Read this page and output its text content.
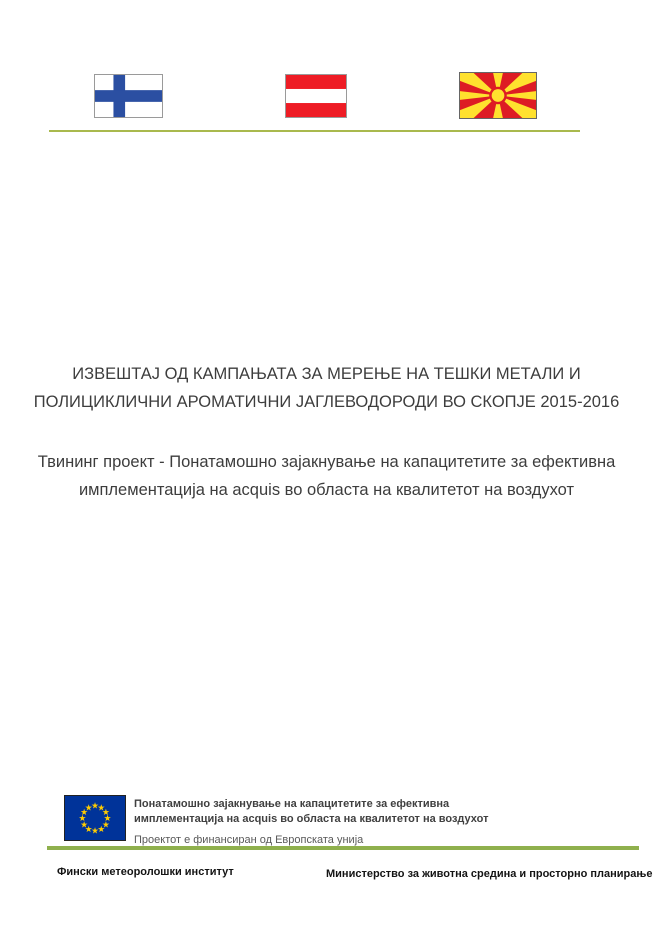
ИЗВЕШТАЈ ОД КАМПАЊАТА ЗА МЕРЕЊЕ НА ТЕШКИ МЕТАЛИ И
ПОЛИЦИКЛИЧНИ АРОМАТИЧНИ ЈАГЛЕВОДОРОДИ ВО СКОПЈЕ 2015-2016
Твининг проект - Понатамошно зајакнување на капацитетите за ефективна
имплементација на acquis во областа на квалитетот на воздухот
★
★
★
★
★
★
★
★
★
★
★
★	Понатамошно зајакнување на капацитетите за ефективна
имплементација на acquis во областа на квалитетот на воздухот
Проектот е финансиран од Европската унија
Фински метеоролошки институт	Министерство за животна средина и просторно планирање
